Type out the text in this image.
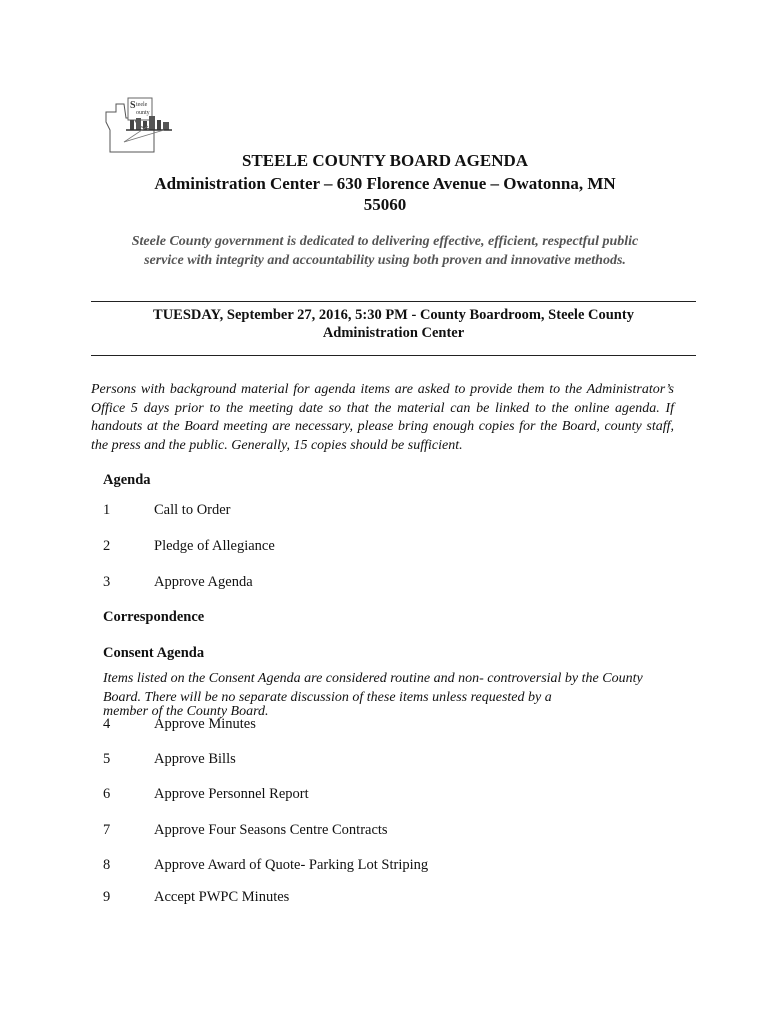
S teele
ounty
STEELE COUNTY BOARD AGENDA
Administration Center – 630 Florence Avenue – Owatonna, MN
55060
Steele County government is dedicated to delivering effective, efficient, respectful public
service with integrity and accountability using both proven and innovative methods.
TUESDAY, September 27, 2016, 5:30 PM - County Boardroom, Steele County
Administration Center
Persons with background material for agenda items are asked to provide them to the Administrator’s Office 5 days prior to the meeting date so that the material can be linked to the online agenda. If handouts at the Board meeting are necessary, please bring enough copies for the Board, county staff, the press and the public. Generally, 15 copies should be sufficient.
Agenda
1	Call to Order
2	Pledge of Allegiance
3	Approve Agenda
Correspondence
Consent Agenda
Items listed on the Consent Agenda are considered routine and non- controversial by the County Board. There will be no separate discussion of these items unless requested by a
member of the County Board.
4	Approve Minutes
5	Approve Bills
6	Approve Personnel Report
7	Approve Four Seasons Centre Contracts
8	Approve Award of Quote- Parking Lot Striping
9	Accept PWPC Minutes
